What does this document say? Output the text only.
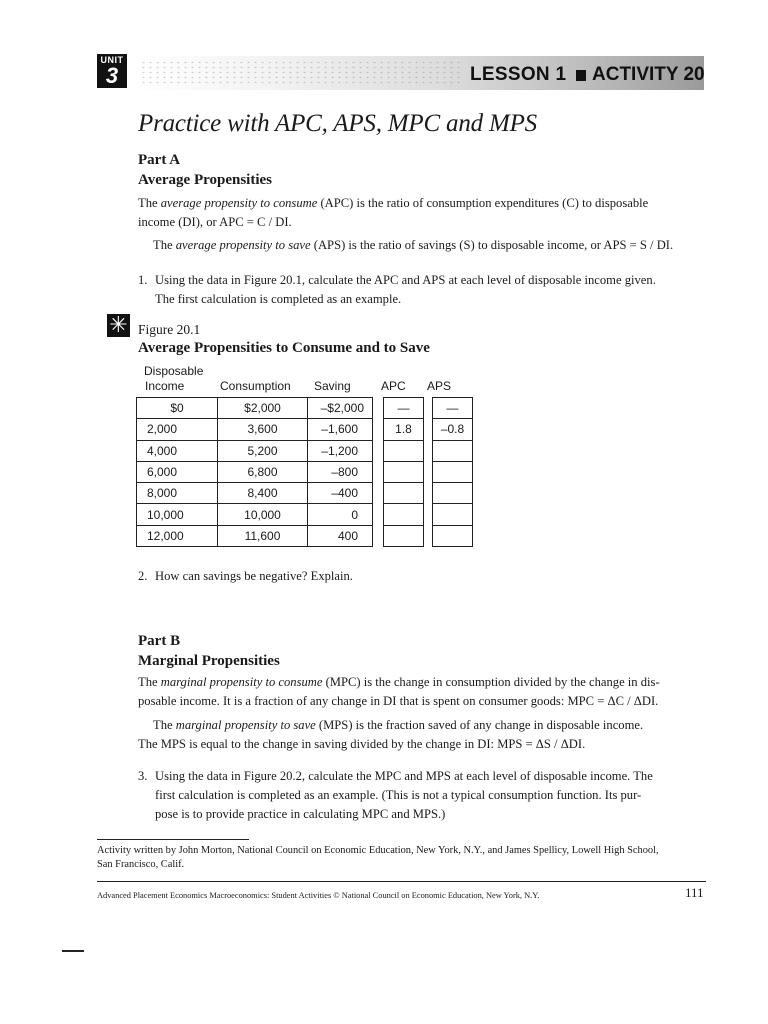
UNIT
3	LESSON 1 ACTIVITY 20
Practice with APC, APS, MPC and MPS
Part A
Average Propensities
The average propensity to consume (APC) is the ratio of consumption expenditures (C) to disposable
income (DI), or APC = C / DI.
The average propensity to save (APS) is the ratio of savings (S) to disposable income, or APS = S / DI.
1. Using the data in Figure 20.1, calculate the APC and APS at each level of disposable income given.
The first calculation is completed as an example.
✳ Figure 20.1
Average Propensities to Consume and to Save
Disposable
Income	Consumption Saving	APC APS
$0	$2,000	–$2,000		—		—
2,000	3,600	–1,600		1.8		–0.8
4,000	5,200	–1,200				
6,000	6,800	–800				
8,000	8,400	–400				
10,000	10,000	0				
12,000	11,600	400				
2. How can savings be negative? Explain.
Part B
Marginal Propensities
The marginal propensity to consume (MPC) is the change in consumption divided by the change in dis-
posable income. It is a fraction of any change in DI that is spent on consumer goods: MPC = ΔC / ΔDI.
The marginal propensity to save (MPS) is the fraction saved of any change in disposable income.
The MPS is equal to the change in saving divided by the change in DI: MPS = ΔS / ΔDI.
3. Using the data in Figure 20.2, calculate the MPC and MPS at each level of disposable income. The
first calculation is completed as an example. (This is not a typical consumption function. Its pur-
pose is to provide practice in calculating MPC and MPS.)
Activity written by John Morton, National Council on Economic Education, New York, N.Y., and James Spellicy, Lowell High School,
San Francisco, Calif.
Advanced Placement Economics Macroeconomics: Student Activities © National Council on Economic Education, New York, N.Y.	111
